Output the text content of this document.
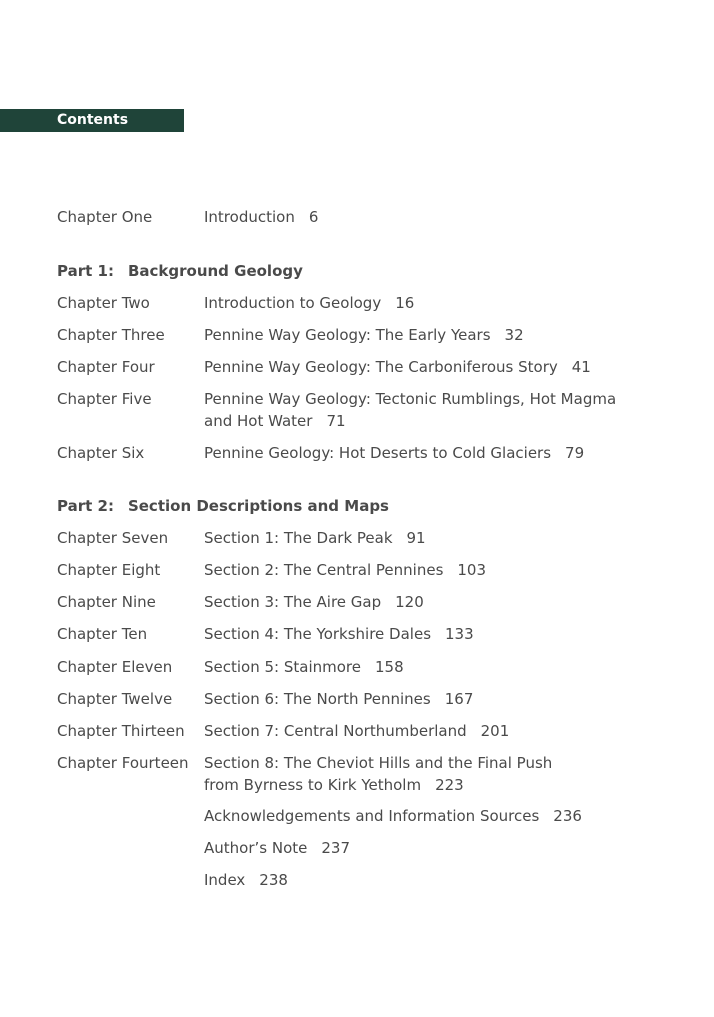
Contents
Chapter One	Introduction 6
Part 1: Background Geology
Chapter Two	Introduction to Geology 16
Chapter Three	Pennine Way Geology: The Early Years 32
Chapter Four	Pennine Way Geology: The Carboniferous Story 41
Chapter Five	Pennine Way Geology: Tectonic Rumblings, Hot Magma
and Hot Water 71
Chapter Six	Pennine Geology: Hot Deserts to Cold Glaciers 79
Part 2: Section Descriptions and Maps
Chapter Seven Section 1: The Dark Peak 91
Chapter Eight	Section 2: The Central Pennines 103
Chapter Nine	Section 3: The Aire Gap 120
Chapter Ten	Section 4: The Yorkshire Dales 133
Chapter Eleven Section 5: Stainmore 158
Chapter Twelve Section 6: The North Pennines 167
Chapter Thirteen Section 7: Central Northumberland 201
Chapter Fourteen Section 8: The Cheviot Hills and the Final Push
from Byrness to Kirk Yetholm 223
Acknowledgements and Information Sources 236
Author’s Note 237
Index 238
